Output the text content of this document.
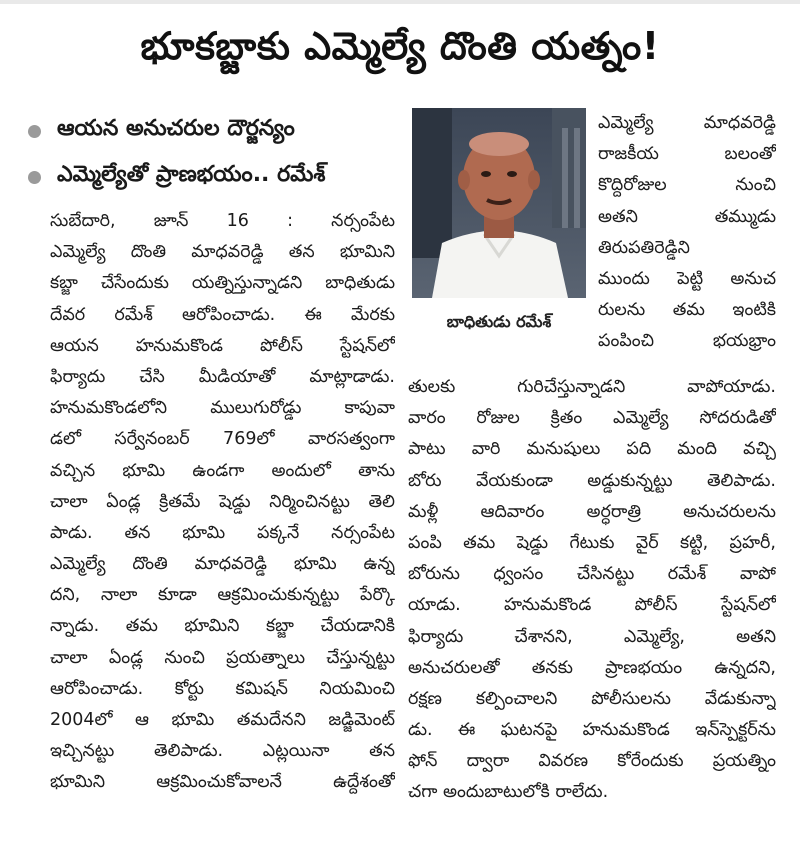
భూకబ్జాకు ఎమ్మెల్యే దొంతి యత్నం!
ఆయన అనుచరుల దౌర్జన్యం
ఎమ్మెల్యేతో ప్రాణభయం.. రమేశ్
బాధితుడు రమేశ్
సుబేదారి, జూన్ 16 : నర్సంపేట
ఎమ్మెల్యే దొంతి మాధవరెడ్డి తన భూమిని
కబ్జా చేసేందుకు యత్నిస్తున్నాడని బాధితుడు
దేవర రమేశ్ ఆరోపించాడు. ఈ మేరకు
ఆయన హనుమకొండ పోలీస్ స్టేషన్‌లో
ఫిర్యాదు చేసి మీడియాతో మాట్లాడాడు.
హనుమకొండలోని ములుగురోడ్డు కాపువా
డలో సర్వేనంబర్ 769లో వారసత్వంగా
వచ్చిన భూమి ఉండగా అందులో తాను
చాలా ఏండ్ల క్రితమే షెడ్డు నిర్మించినట్టు తెలి
పాడు. తన భూమి పక్కనే నర్సంపేట
ఎమ్మెల్యే దొంతి మాధవరెడ్డి భూమి ఉన్న
దని, నాలా కూడా ఆక్రమించుకున్నట్టు పేర్కొ
న్నాడు. తమ భూమిని కబ్జా చేయడానికి
చాలా ఏండ్ల నుంచి ప్రయత్నాలు చేస్తున్నట్టు
ఆరోపించాడు. కోర్టు కమిషన్ నియమించి
2004లో ఆ భూమి తమదేనని జడ్జిమెంట్
ఇచ్చినట్టు తెలిపాడు. ఎట్లయినా తన
భూమిని ఆక్రమించుకోవాలనే ఉద్దేశంతో
ఎమ్మెల్యే మాధవరెడ్డి
రాజకీయ బలంతో
కొద్దిరోజుల నుంచి
అతని తమ్ముడు
తిరుపతిరెడ్డిని
ముందు పెట్టి అనుచ
రులను తమ ఇంటికి
పంపించి భయభ్రాం
తులకు గురిచేస్తున్నాడని వాపోయాడు.
వారం రోజుల క్రితం ఎమ్మెల్యే సోదరుడితో
పాటు వారి మనుషులు పది మంది వచ్చి
బోరు వేయకుండా అడ్డుకున్నట్టు తెలిపాడు.
మళ్లీ ఆదివారం అర్ధరాత్రి అనుచరులను
పంపి తమ షెడ్డు గేటుకు వైర్ కట్టి, ప్రహరీ,
బోరును ధ్వంసం చేసినట్టు రమేశ్ వాపో
యాడు. హనుమకొండ పోలీస్ స్టేషన్‌లో
ఫిర్యాదు చేశానని, ఎమ్మెల్యే, అతని
అనుచరులతో తనకు ప్రాణభయం ఉన్నదని,
రక్షణ కల్పించాలని పోలీసులను వేడుకున్నా
డు. ఈ ఘటనపై హనుమకొండ ఇన్‌స్పెక్టర్‌ను
ఫోన్ ద్వారా వివరణ కోరేందుకు ప్రయత్నిం
చగా అందుబాటులోకి రాలేదు.
